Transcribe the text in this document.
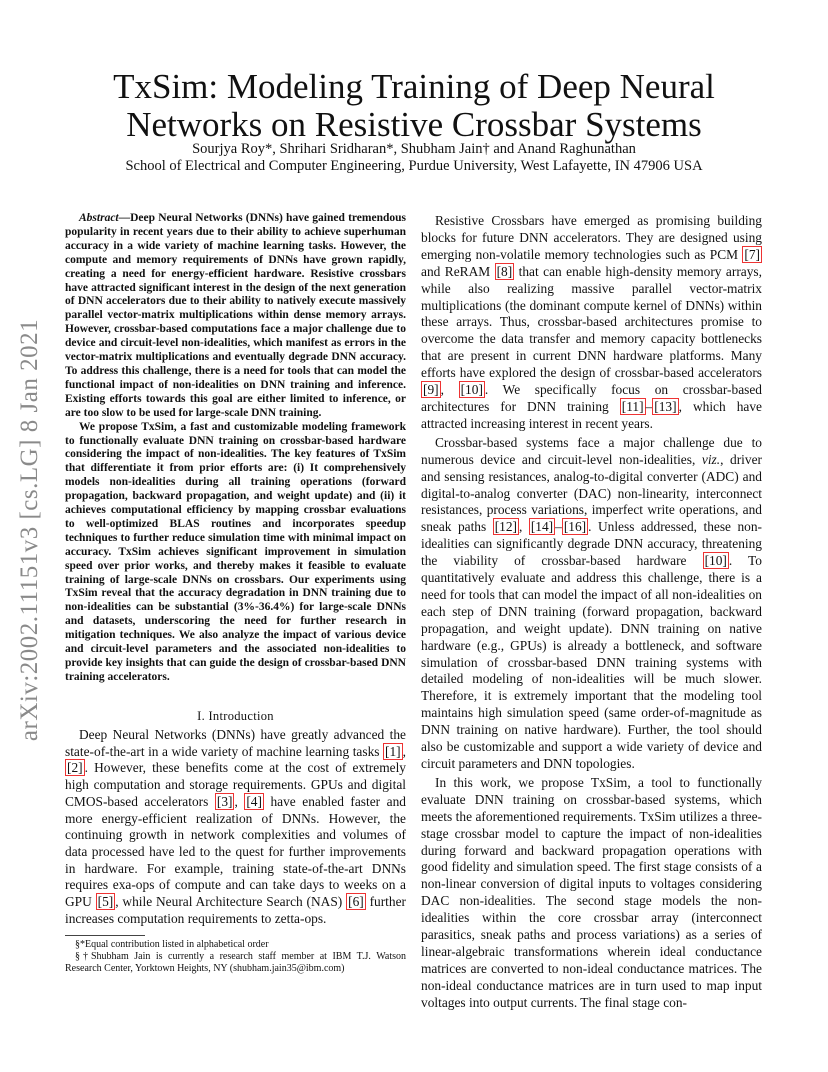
arXiv:2002.11151v3 [cs.LG] 8 Jan 2021
TxSim: Modeling Training of Deep Neural
Networks on Resistive Crossbar Systems
Sourjya Roy*, Shrihari Sridharan*, Shubham Jain† and Anand Raghunathan
School of Electrical and Computer Engineering, Purdue University, West Lafayette, IN 47906 USA

Abstract—Deep Neural Networks (DNNs) have gained tremendous popularity in recent years due to their ability to achieve superhuman accuracy in a wide variety of machine learning tasks. However, the compute and memory requirements of DNNs have grown rapidly, creating a need for energy-efficient hardware. Resistive crossbars have attracted significant interest in the design of the next generation of DNN accelerators due to their ability to natively execute massively parallel vector-matrix multiplications within dense memory arrays. However, crossbar-based computations face a major challenge due to device and circuit-level non-idealities, which manifest as errors in the vector-matrix multiplications and eventually degrade DNN accuracy. To address this challenge, there is a need for tools that can model the functional impact of non-idealities on DNN training and inference. Existing efforts towards this goal are either limited to inference, or are too slow to be used for large-scale DNN training.

We propose TxSim, a fast and customizable modeling framework to functionally evaluate DNN training on crossbar-based hardware considering the impact of non-idealities. The key features of TxSim that differentiate it from prior efforts are: (i) It comprehensively models non-idealities during all training operations (forward propagation, backward propagation, and weight update) and (ii) it achieves computational efficiency by mapping crossbar evaluations to well-optimized BLAS routines and incorporates speedup techniques to further reduce simulation time with minimal impact on accuracy. TxSim achieves significant improvement in simulation speed over prior works, and thereby makes it feasible to evaluate training of large-scale DNNs on crossbars. Our experiments using TxSim reveal that the accuracy degradation in DNN training due to non-idealities can be substantial (3%-36.4%) for large-scale DNNs and datasets, underscoring the need for further research in mitigation techniques. We also analyze the impact of various device and circuit-level parameters and the associated non-idealities to provide key insights that can guide the design of crossbar-based DNN training accelerators.

I. Introduction

Deep Neural Networks (DNNs) have greatly advanced the state-of-the-art in a wide variety of machine learning tasks [1] , [2] . However, these benefits come at the cost of extremely high computation and storage requirements. GPUs and digital CMOS-based accelerators [3] , [4] have enabled faster and more energy-efficient realization of DNNs. However, the continuing growth in network complexities and volumes of data processed have led to the quest for further improvements in hardware. For example, training state-of-the-art DNNs requires exa-ops of compute and can take days to weeks on a GPU [5] , while Neural Architecture Search (NAS) [6] further increases computation requirements to zetta-ops.

§*Equal contribution listed in alphabetical order

§†Shubham Jain is currently a research staff member at IBM T.J. Watson Research Center, Yorktown Heights, NY (shubham.jain35@ibm.com)

Resistive Crossbars have emerged as promising building blocks for future DNN accelerators. They are designed using emerging non-volatile memory technologies such as PCM [7] and ReRAM [8] that can enable high-density memory arrays, while also realizing massive parallel vector-matrix multiplications (the dominant compute kernel of DNNs) within these arrays. Thus, crossbar-based architectures promise to overcome the data transfer and memory capacity bottlenecks that are present in current DNN hardware platforms. Many efforts have explored the design of crossbar-based accelerators [9] , [10] . We specifically focus on crossbar-based architectures for DNN training [11] – [13] , which have attracted increasing interest in recent years.

Crossbar-based systems face a major challenge due to numerous device and circuit-level non-idealities, viz., driver and sensing resistances, analog-to-digital converter (ADC) and digital-to-analog converter (DAC) non-linearity, interconnect resistances, process variations, imperfect write operations, and sneak paths [12] , [14] – [16] . Unless addressed, these non-idealities can significantly degrade DNN accuracy, threatening the viability of crossbar-based hardware [10] . To quantitatively evaluate and address this challenge, there is a need for tools that can model the impact of all non-idealities on each step of DNN training (forward propagation, backward propagation, and weight update). DNN training on native hardware (e.g., GPUs) is already a bottleneck, and software simulation of crossbar-based DNN training systems with detailed modeling of non-idealities will be much slower. Therefore, it is extremely important that the modeling tool maintains high simulation speed (same order-of-magnitude as DNN training on native hardware). Further, the tool should also be customizable and support a wide variety of device and circuit parameters and DNN topologies.

In this work, we propose TxSim, a tool to functionally evaluate DNN training on crossbar-based systems, which meets the aforementioned requirements. TxSim utilizes a three-stage crossbar model to capture the impact of non-idealities during forward and backward propagation operations with good fidelity and simulation speed. The first stage consists of a non-linear conversion of digital inputs to voltages considering DAC non-idealities. The second stage models the non-idealities within the core crossbar array (interconnect parasitics, sneak paths and process variations) as a series of linear-algebraic transformations wherein ideal conductance matrices are converted to non-ideal conductance matrices. The non-ideal conductance matrices are in turn used to map input voltages into output currents. The final stage con-
